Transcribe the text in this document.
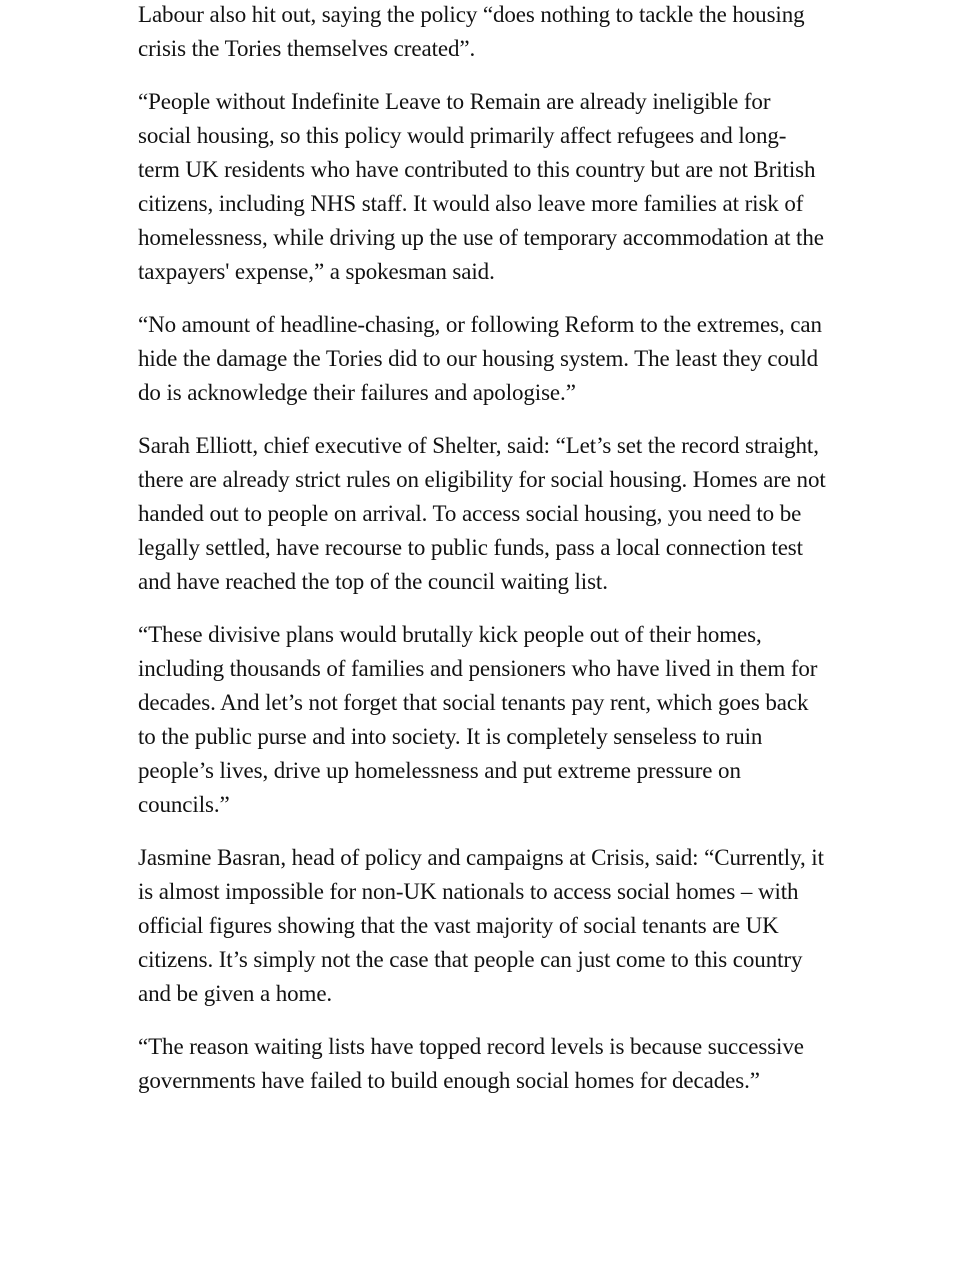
Labour also hit out, saying the policy “does nothing to tackle the housing crisis the Tories themselves created”.

“People without Indefinite Leave to Remain are already ineligible for social housing, so this policy would primarily affect refugees and long-term UK residents who have contributed to this country but are not British citizens, including NHS staff. It would also leave more families at risk of homelessness, while driving up the use of temporary accommodation at the taxpayers' expense,” a spokesman said.

“No amount of headline-chasing, or following Reform to the extremes, can hide the damage the Tories did to our housing system. The least they could do is acknowledge their failures and apologise.”

Sarah Elliott, chief executive of Shelter, said: “Let’s set the record straight, there are already strict rules on eligibility for social housing. Homes are not handed out to people on arrival. To access social housing, you need to be legally settled, have recourse to public funds, pass a local connection test and have reached the top of the council waiting list.

“These divisive plans would brutally kick people out of their homes, including thousands of families and pensioners who have lived in them for decades. And let’s not forget that social tenants pay rent, which goes back to the public purse and into society. It is completely senseless to ruin people’s lives, drive up homelessness and put extreme pressure on councils.”

Jasmine Basran, head of policy and campaigns at Crisis, said: “Currently, it is almost impossible for non-UK nationals to access social homes – with official figures showing that the vast majority of social tenants are UK citizens. It’s simply not the case that people can just come to this country and be given a home.

“The reason waiting lists have topped record levels is because successive governments have failed to build enough social homes for decades.”
